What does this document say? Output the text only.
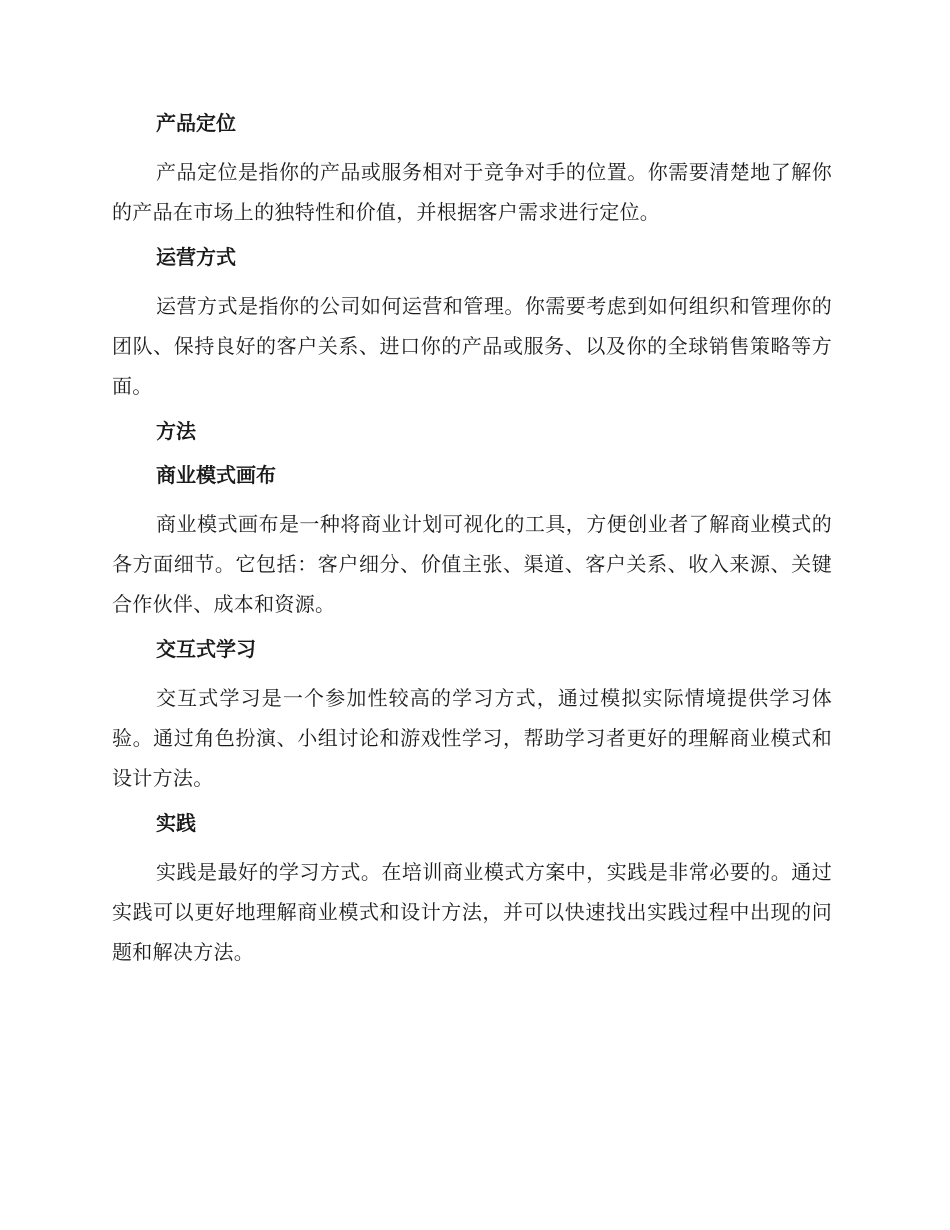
产品定位
产品定位是指你的产品或服务相对于竞争对手的位置。你需要清楚地了解你的产品在市场上的独特性和价值，并根据客户需求进行定位。
运营方式
运营方式是指你的公司如何运营和管理。你需要考虑到如何组织和管理你的团队、保持良好的客户关系、进口你的产品或服务、以及你的全球销售策略等方面。
方法
商业模式画布
商业模式画布是一种将商业计划可视化的工具，方便创业者了解商业模式的各方面细节。它包括：客户细分、价值主张、渠道、客户关系、收入来源、关键合作伙伴、成本和资源。
交互式学习
交互式学习是一个参加性较高的学习方式，通过模拟实际情境提供学习体验。通过角色扮演、小组讨论和游戏性学习，帮助学习者更好的理解商业模式和设计方法。
实践
实践是最好的学习方式。在培训商业模式方案中，实践是非常必要的。通过实践可以更好地理解商业模式和设计方法，并可以快速找出实践过程中出现的问题和解决方法。
